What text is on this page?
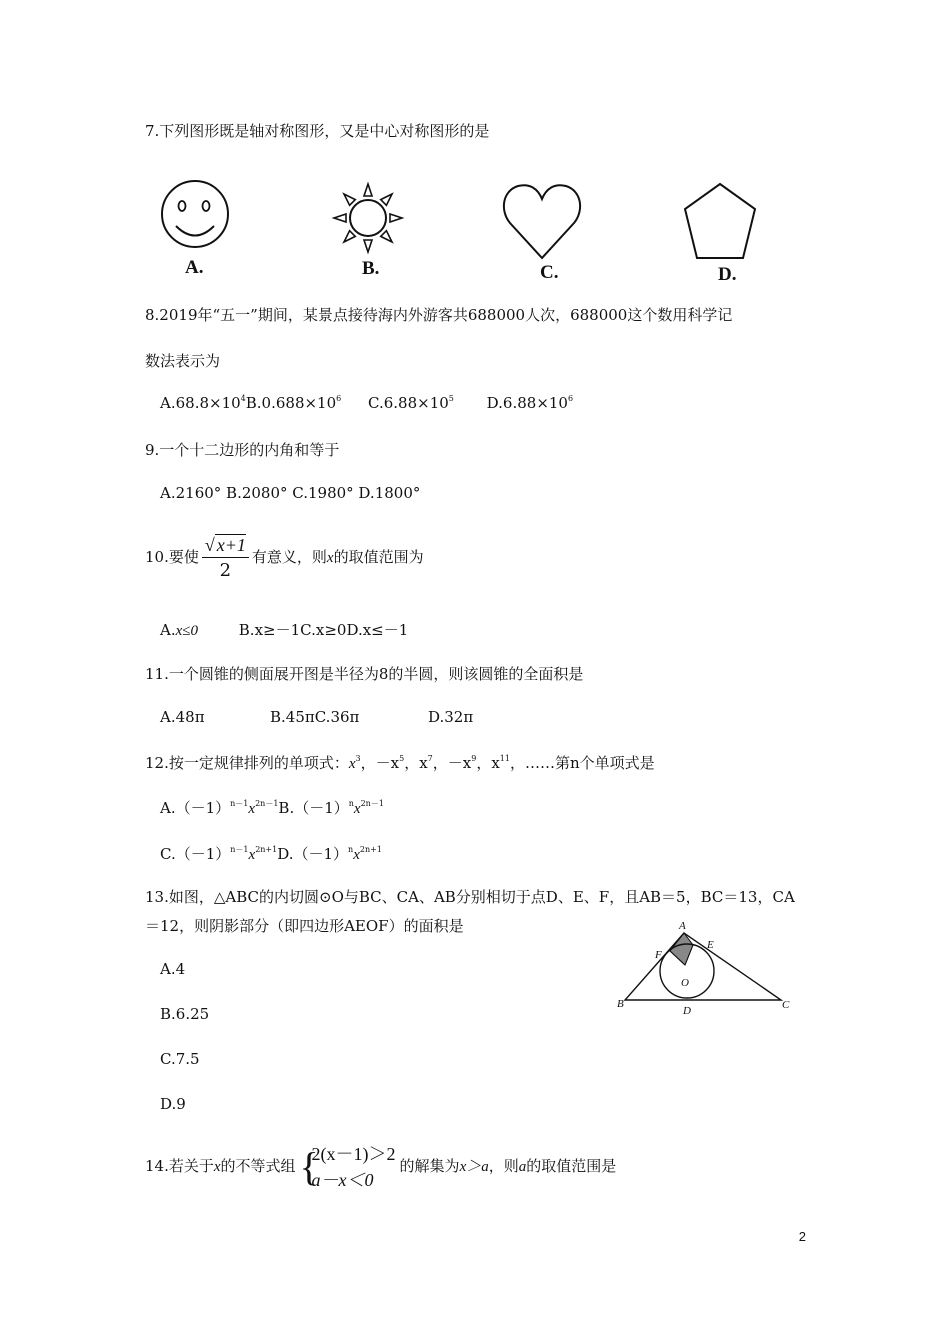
7.下列图形既是轴对称图形，又是中心对称图形的是
A.	B.	C.	D.
8.2019年“五一”期间，某景点接待海内外游客共688000人次，688000这个数用科学记
数法表示为
$A.68.8\times 10^4B.0.688\times 10^6$ $C.6.88\times 10^5$ $D.6.88\times 10^6$
9.一个十二边形的内角和等于
A.2160° B.2080° C.1980° D.1800°
10.要使 $\frac{√ x+1}{2}$ 有意义，则x的取值范围为
A.x≤0	B.x≥－1C.x≥0D.x≤－1
11.一个圆锥的侧面展开图是半径为8的半圆，则该圆锥的全面积是
A.48π	B.45πC.36π	D.32π
12.按一定规律排列的单项式：$x^3$，$-x^5$，$x^7$，$-x^9$，$x^{11}$，……第n个单项式是
$A.(-1)^{n-1}x^{2n-1}B.(-1)^nx^{2n-1}$
$C.(-1)^{n-1}x^{2n+1}D.(-1)^nx^{2n+1}$
13.如图，△ABC的内切圆⊙O与BC、CA、AB分别相切于点D、E、F，且AB＝5，BC＝13，CA
＝12，则阴影部分（即四边形AEOF）的面积是
A.4
B.6.25
C.7.5
D.9
A
B	C
D
E
F
O
14.若关于x的不等式组 {
2(x－1)＞2
a－x＜0
的解集为x＞a，则a的取值范围是
2
